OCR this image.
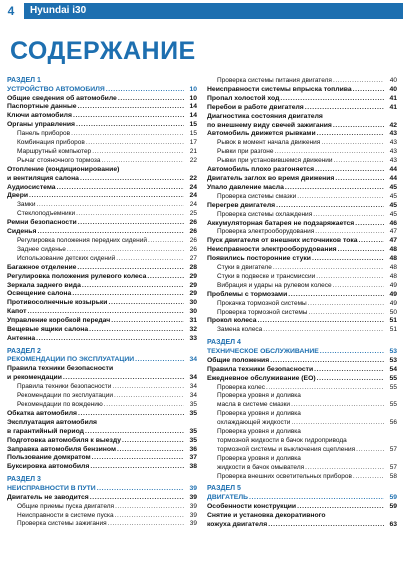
4	Hyundai i30
СОДЕРЖАНИЕ
РАЗДЕЛ 1
УСТРОЙСТВО АВТОМОБИЛЯ .....	10
Общие сведения об автомобиле .....	10
Паспортные данные .....	14
Ключи автомобиля .....	14
Органы управления .....	15
Панель приборов .....	15
Комбинация приборов .....	17
Маршрутный компьютер .....	21
Рычаг стояночного тормоза .....	22
Отопление (кондиционирование)
и вентиляция салона .....	22
Аудиосистема .....	24
Двери .....	24
Замки .....	24
Стеклоподъемники .....	25
Ремни безопасности .....	26
Сиденья .....	26
Регулировка положения передних сидений .....	26
Заднее сиденье .....	26
Использование детских сидений .....	27
Багажное отделение .....	28
Регулировка положения рулевого колеса .....	29
Зеркала заднего вида .....	29
Освещение салона .....	29
Противосолнечные козырьки .....	30
Капот .....	30
Управление коробкой передач .....	31
Вещевые ящики салона .....	32
Антенна .....	33
РАЗДЕЛ 2
РЕКОМЕНДАЦИИ ПО ЭКСПЛУАТАЦИИ .....	34
Правила техники безопасности
и рекомендации .....	34
Правила техники безопасности .....	34
Рекомендации по эксплуатации .....	34
Рекомендации по вождению .....	35
Обкатка автомобиля .....	35
Эксплуатация автомобиля
в гарантийный период .....	35
Подготовка автомобиля к выезду .....	35
Заправка автомобиля бензином .....	36
Пользование домкратом .....	37
Буксировка автомобиля .....	38
РАЗДЕЛ 3
НЕИСПРАВНОСТИ В ПУТИ .....	39
Двигатель не заводится .....	39
Общие приемы пуска двигателя .....	39
Неисправности в системе пуска .....	39
Проверка системы зажигания .....	39
Проверка системы питания двигателя .....	40
Неисправности системы впрыска топлива .....	40
Пропал холостой ход .....	41
Перебои в работе двигателя .....	41
Диагностика состояния двигателя
по внешнему виду свечей зажигания .....	42
Автомобиль движется рывками .....	43
Рывок в момент начала движения .....	43
Рывки при разгоне .....	43
Рывки при установившемся движении .....	43
Автомобиль плохо разгоняется .....	44
Двигатель заглох во время движения .....	44
Упало давление масла .....	45
Проверка системы смазки .....	45
Перегрев двигателя .....	45
Проверка системы охлаждения .....	45
Аккумуляторная батарея не подзаряжается .....	46
Проверка электрооборудования .....	47
Пуск двигателя от внешних источников тока .....	47
Неисправности электрооборудования .....	48
Появились посторонние стуки .....	48
Стуки в двигателе .....	48
Стуки в подвеске и трансмиссии .....	48
Вибрация и удары на рулевом колесе .....	49
Проблемы с тормозами .....	49
Прокачка тормозной системы .....	49
Проверка тормозной системы .....	50
Прокол колеса .....	51
Замена колеса .....	51
РАЗДЕЛ 4
ТЕХНИЧЕСКОЕ ОБСЛУЖИВАНИЕ .....	53
Общие положения .....	53
Правила техники безопасности .....	54
Ежедневное обслуживание (ЕО) .....	55
Проверка колес .....	55
Проверка уровня и доливка
масла в системе смазки .....	55
Проверка уровня и доливка
охлаждающей жидкости .....	56
Проверка уровня и доливка
тормозной жидкости в бачок гидропривода
тормозной системы и выключения сцепления .....	57
Проверка уровня и доливка
жидкости в бачок омывателя .....	57
Проверка внешних осветительных приборов .....	58
РАЗДЕЛ 5
ДВИГАТЕЛЬ .....	59
Особенности конструкции .....	59
Снятие и установка декоративного
кожуха двигателя .....	63
